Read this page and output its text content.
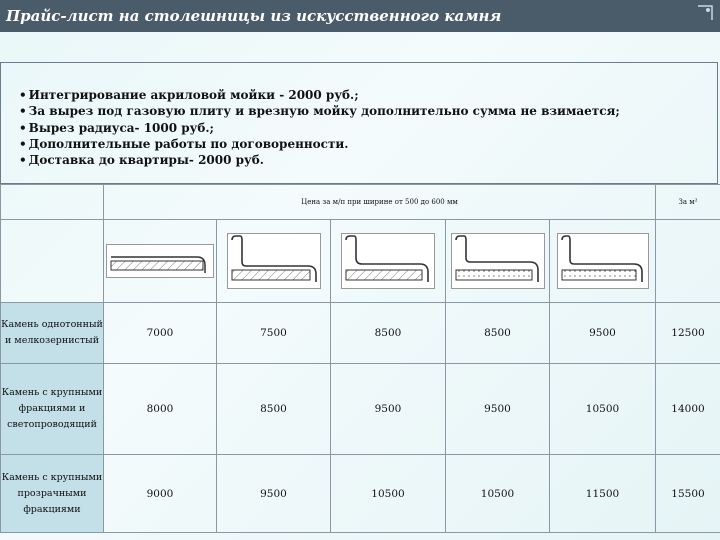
Прайс-лист на столешницы из искусственного камня
• Интегрирование акриловой мойки - 2000 руб.;
• За вырез под газовую плиту и врезную мойку дополнительно сумма не взимается;
• Вырез радиуса- 1000 руб.;
• Дополнительные работы по договоренности.
• Доставка до квартиры- 2000 руб.
	Цена за м/п при ширине от 500 до 600 мм					За м²

Камень однотонный и мелкозернистый	7000	7500	8500	8500	9500	12500
Камень с крупными фракциями и светопроводящий	8000	8500	9500	9500	10500	14000
Камень с крупными прозрачными фракциями	9000	9500	10500	10500	11500	15500
